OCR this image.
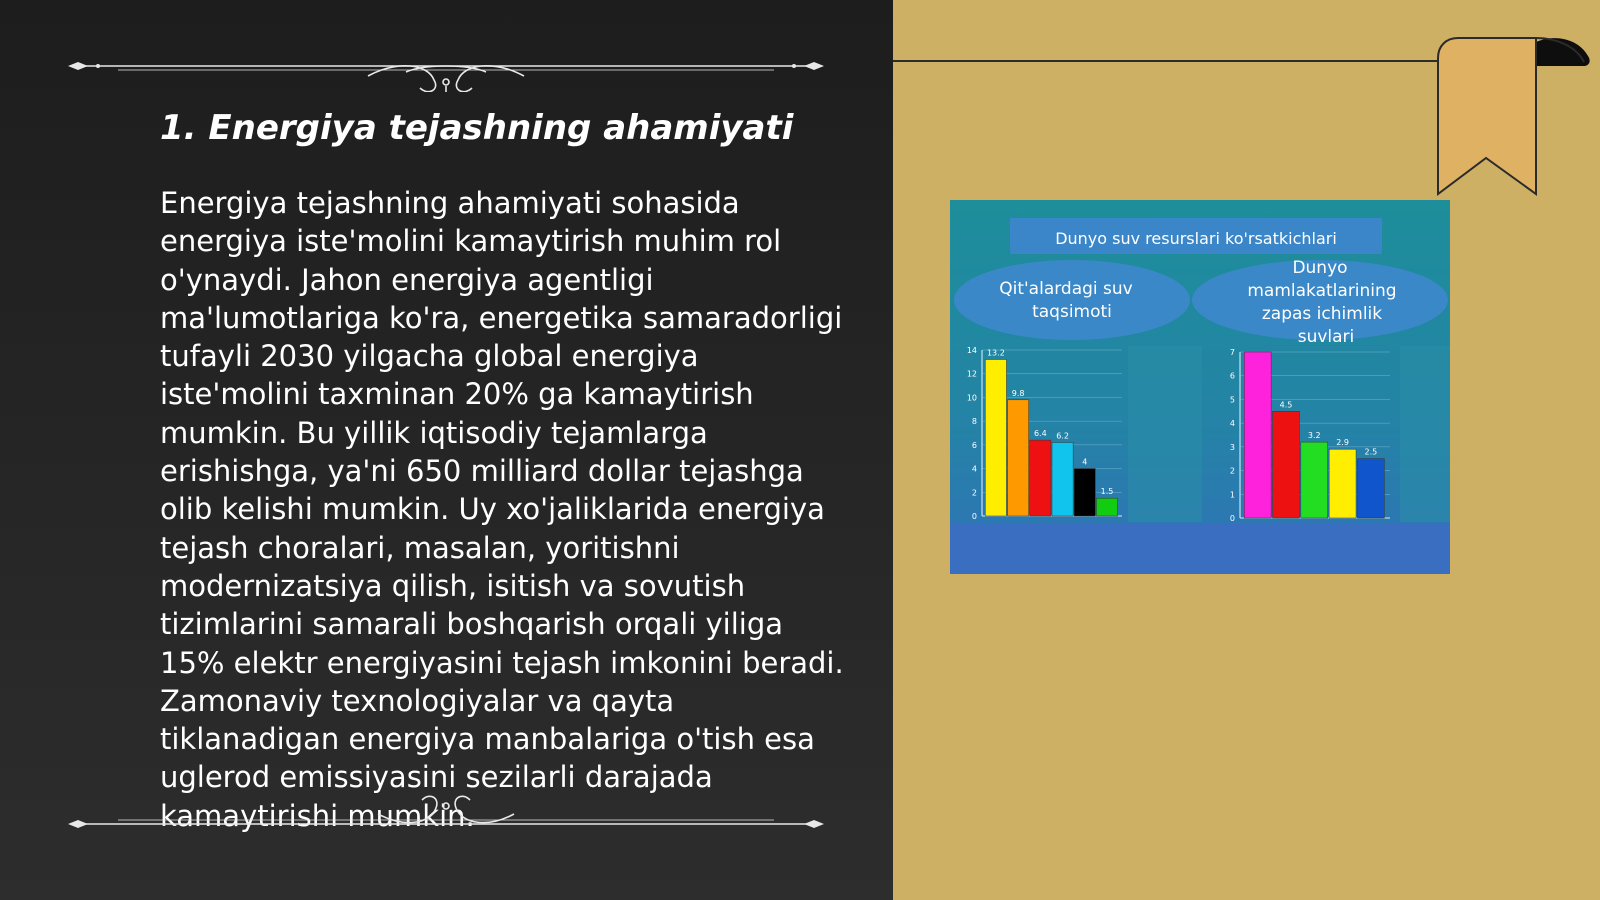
1. Energiya tejashning ahamiyati

Energiya tejashning ahamiyati sohasida energiya iste'molini kamaytirish muhim rol o'ynaydi. Jahon energiya agentligi ma'lumotlariga ko'ra, energetika samaradorligi tufayli 2030 yilgacha global energiya iste'molini taxminan 20% ga kamaytirish mumkin. Bu yillik iqtisodiy tejamlarga erishishga, ya'ni 650 milliard dollar tejashga olib kelishi mumkin. Uy xo'jaliklarida energiya tejash choralari, masalan, yoritishni modernizatsiya qilish, isitish va sovutish tizimlarini samarali boshqarish orqali yiliga 15% elektr energiyasini tejash imkonini beradi. Zamonaviy texnologiyalar va qayta tiklanadigan energiya manbalariga o'tish esa uglerod emissiyasini sezilarli darajada kamaytirishi mumkin.

Dunyo suv resurslari ko'rsatkichlari
Qit'alardagi suv
taqsimoti
Dunyo
mamlakatlarining
zapas ichimlik
suvlari
0
2
4
6
8
10
12
14 13.2
9.8
6.4 6.2
4
1.5
0
1
2
3
4
5
6
7
4.5
3.2
2.9
2.5
